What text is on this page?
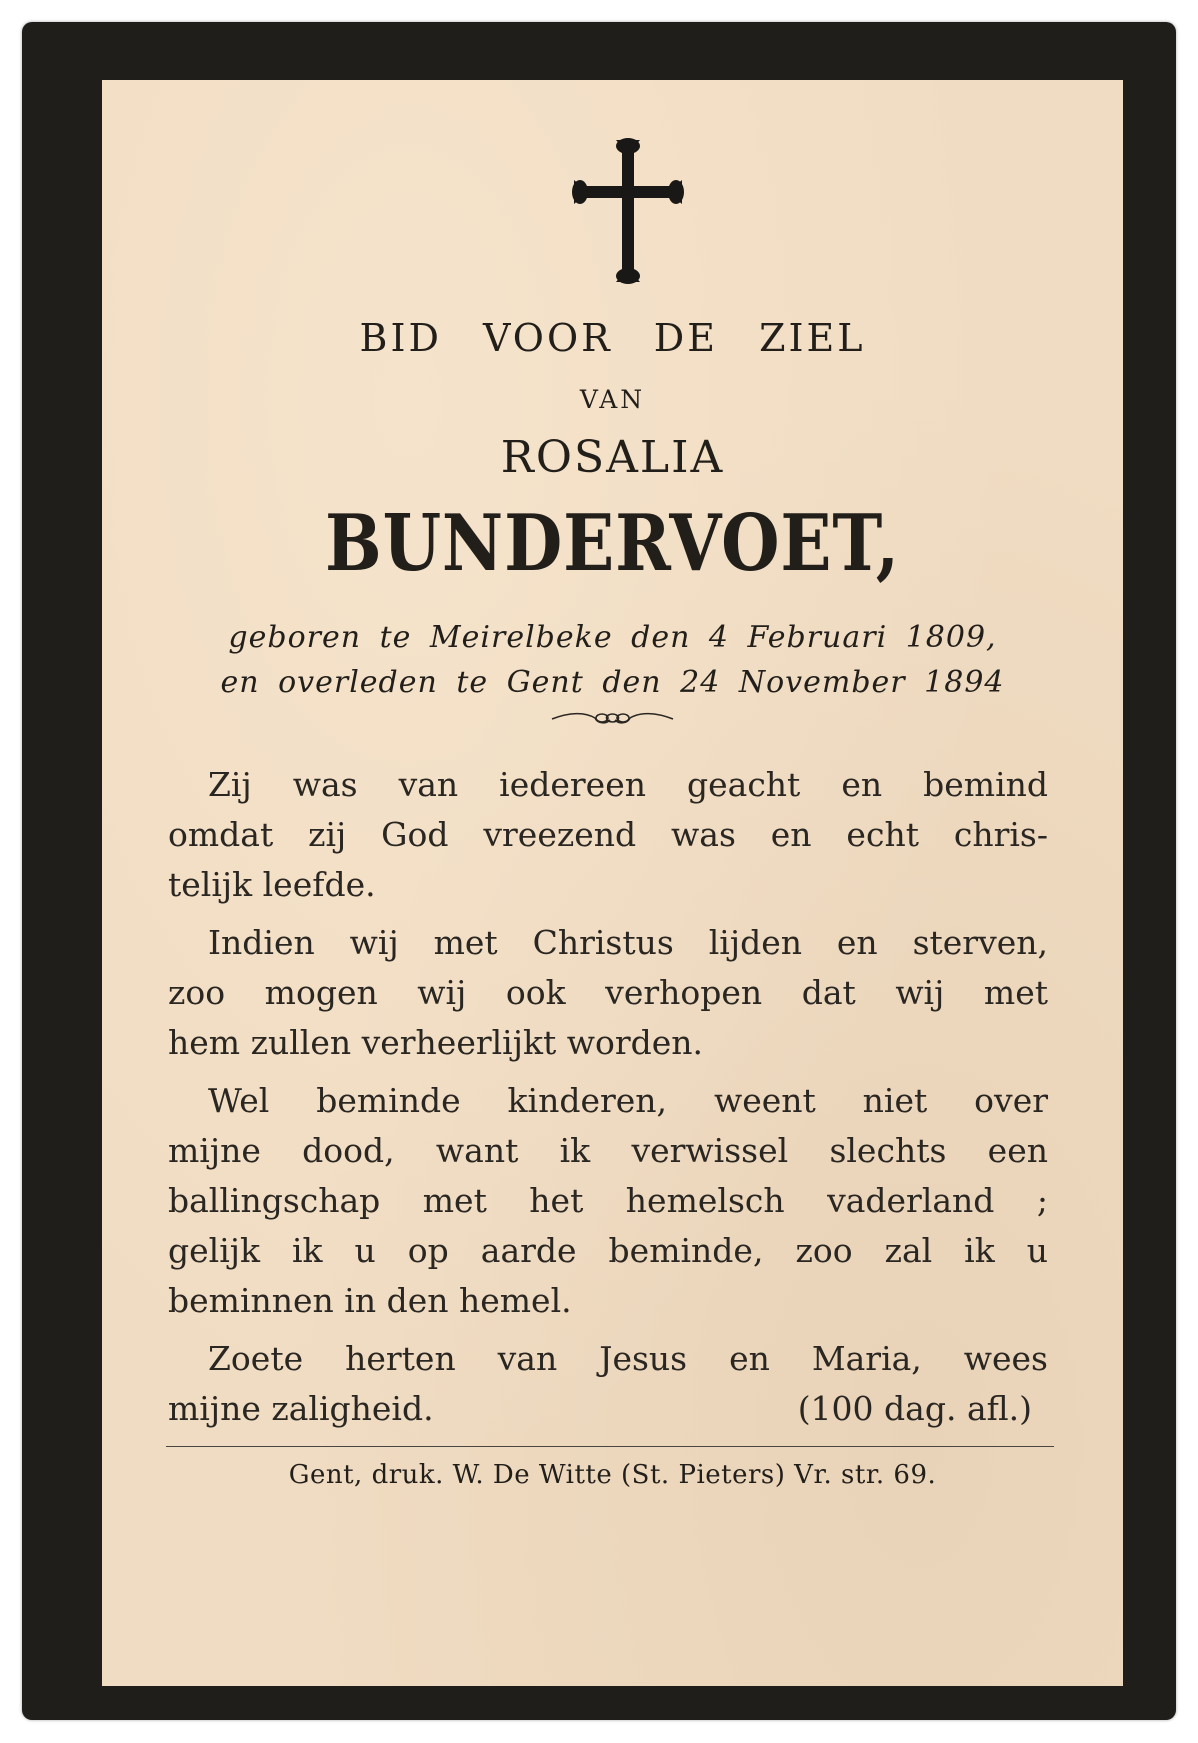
BID VOOR DE ZIEL
VAN
ROSALIA
BUNDERVOET,
geboren te Meirelbeke den 4 Februari 1809,
en overleden te Gent den 24 November 1894
Zij was van iedereen geacht en bemind
omdat zij God vreezend was en echt chris-
telijk leefde.
Indien wij met Christus lijden en sterven,
zoo mogen wij ook verhopen dat wij met
hem zullen verheerlijkt worden.
Wel beminde kinderen, weent niet over
mijne dood, want ik verwissel slechts een
ballingschap met het hemelsch vaderland ;
gelijk ik u op aarde beminde, zoo zal ik u
beminnen in den hemel.
Zoete herten van Jesus en Maria, wees
mijne zaligheid.	(100 dag. afl.)
Gent, druk. W. De Witte (St. Pieters) Vr. str. 69.
